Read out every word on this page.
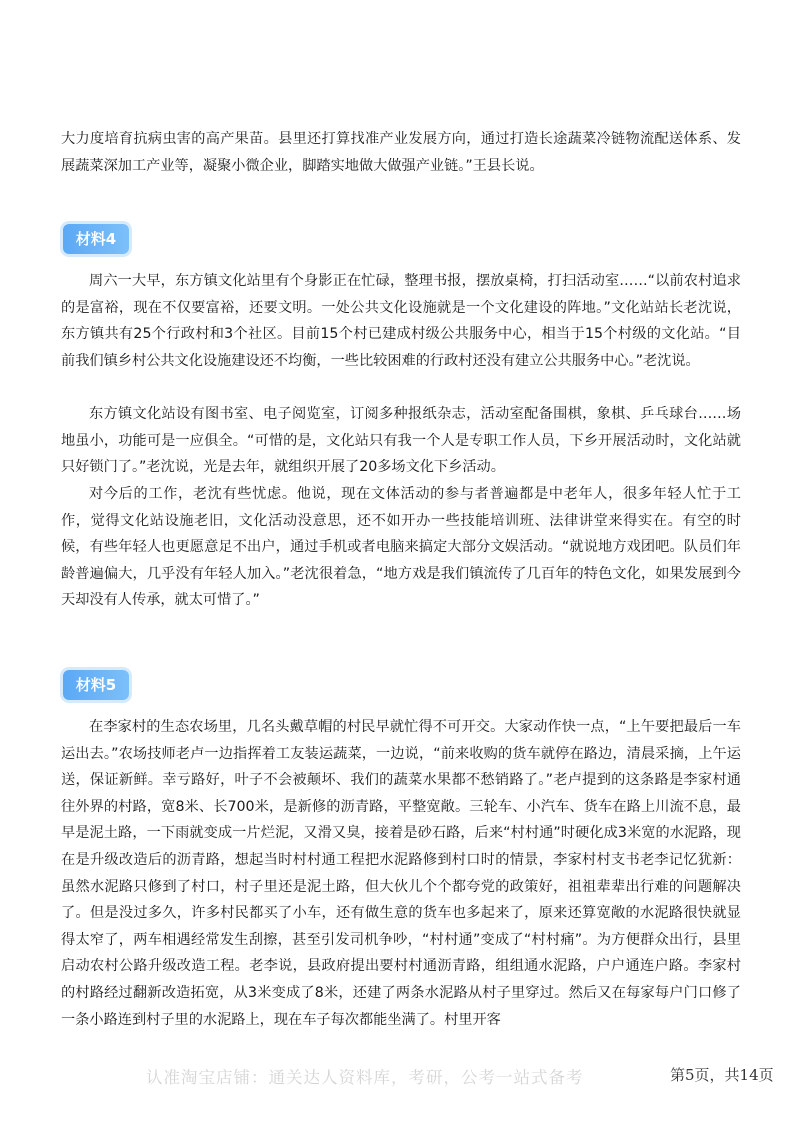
大力度培育抗病虫害的高产果苗。县里还打算找准产业发展方向，通过打造长途蔬菜冷链物流配送体系、发展蔬菜深加工产业等，凝聚小微企业，脚踏实地做大做强产业链。”王县长说。

材料4

周六一大早，东方镇文化站里有个身影正在忙碌，整理书报，摆放桌椅，打扫活动室……“以前农村追求的是富裕，现在不仅要富裕，还要文明。一处公共文化设施就是一个文化建设的阵地。”文化站站长老沈说，东方镇共有25个行政村和3个社区。目前15个村已建成村级公共服务中心，相当于15个村级的文化站。“目前我们镇乡村公共文化设施建设还不均衡，一些比较困难的行政村还没有建立公共服务中心。”老沈说。

东方镇文化站设有图书室、电子阅览室，订阅多种报纸杂志，活动室配备围棋，象棋、乒乓球台……场地虽小，功能可是一应俱全。“可惜的是，文化站只有我一个人是专职工作人员，下乡开展活动时，文化站就只好锁门了。”老沈说，光是去年，就组织开展了20多场文化下乡活动。

对今后的工作，老沈有些忧虑。他说，现在文体活动的参与者普遍都是中老年人，很多年轻人忙于工作，觉得文化站设施老旧，文化活动没意思，还不如开办一些技能培训班、法律讲堂来得实在。有空的时候，有些年轻人也更愿意足不出户，通过手机或者电脑来搞定大部分文娱活动。“就说地方戏团吧。队员们年龄普遍偏大，几乎没有年轻人加入。”老沈很着急，“地方戏是我们镇流传了几百年的特色文化，如果发展到今天却没有人传承，就太可惜了。”

材料5

在李家村的生态农场里，几名头戴草帽的村民早就忙得不可开交。大家动作快一点，“上午要把最后一车运出去。”农场技师老卢一边指挥着工友装运蔬菜，一边说，“前来收购的货车就停在路边，清晨采摘，上午运送，保证新鲜。幸亏路好，叶子不会被颠坏、我们的蔬菜水果都不愁销路了。”老卢提到的这条路是李家村通往外界的村路，宽8米、长700米，是新修的沥青路，平整宽敞。三轮车、小汽车、货车在路上川流不息，最早是泥土路，一下雨就变成一片烂泥，又滑又臭，接着是砂石路，后来“村村通”时硬化成3米宽的水泥路，现在是升级改造后的沥青路，想起当时村村通工程把水泥路修到村口时的情景，李家村村支书老李记忆犹新：虽然水泥路只修到了村口，村子里还是泥土路，但大伙儿个个都夸党的政策好，祖祖辈辈出行难的问题解决了。但是没过多久，许多村民都买了小车，还有做生意的货车也多起来了，原来还算宽敞的水泥路很快就显得太窄了，两车相遇经常发生刮擦，甚至引发司机争吵，“村村通”变成了“村村痛”。为方便群众出行，县里启动农村公路升级改造工程。老李说，县政府提出要村村通沥青路，组组通水泥路，户户通连户路。李家村的村路经过翻新改造拓宽，从3米变成了8米，还建了两条水泥路从村子里穿过。然后又在每家每户门口修了一条小路连到村子里的水泥路上，现在车子每次都能坐满了。村里开客

认准淘宝店铺：通关达人资料库，考研，公考一站式备考	第5页，共14页
